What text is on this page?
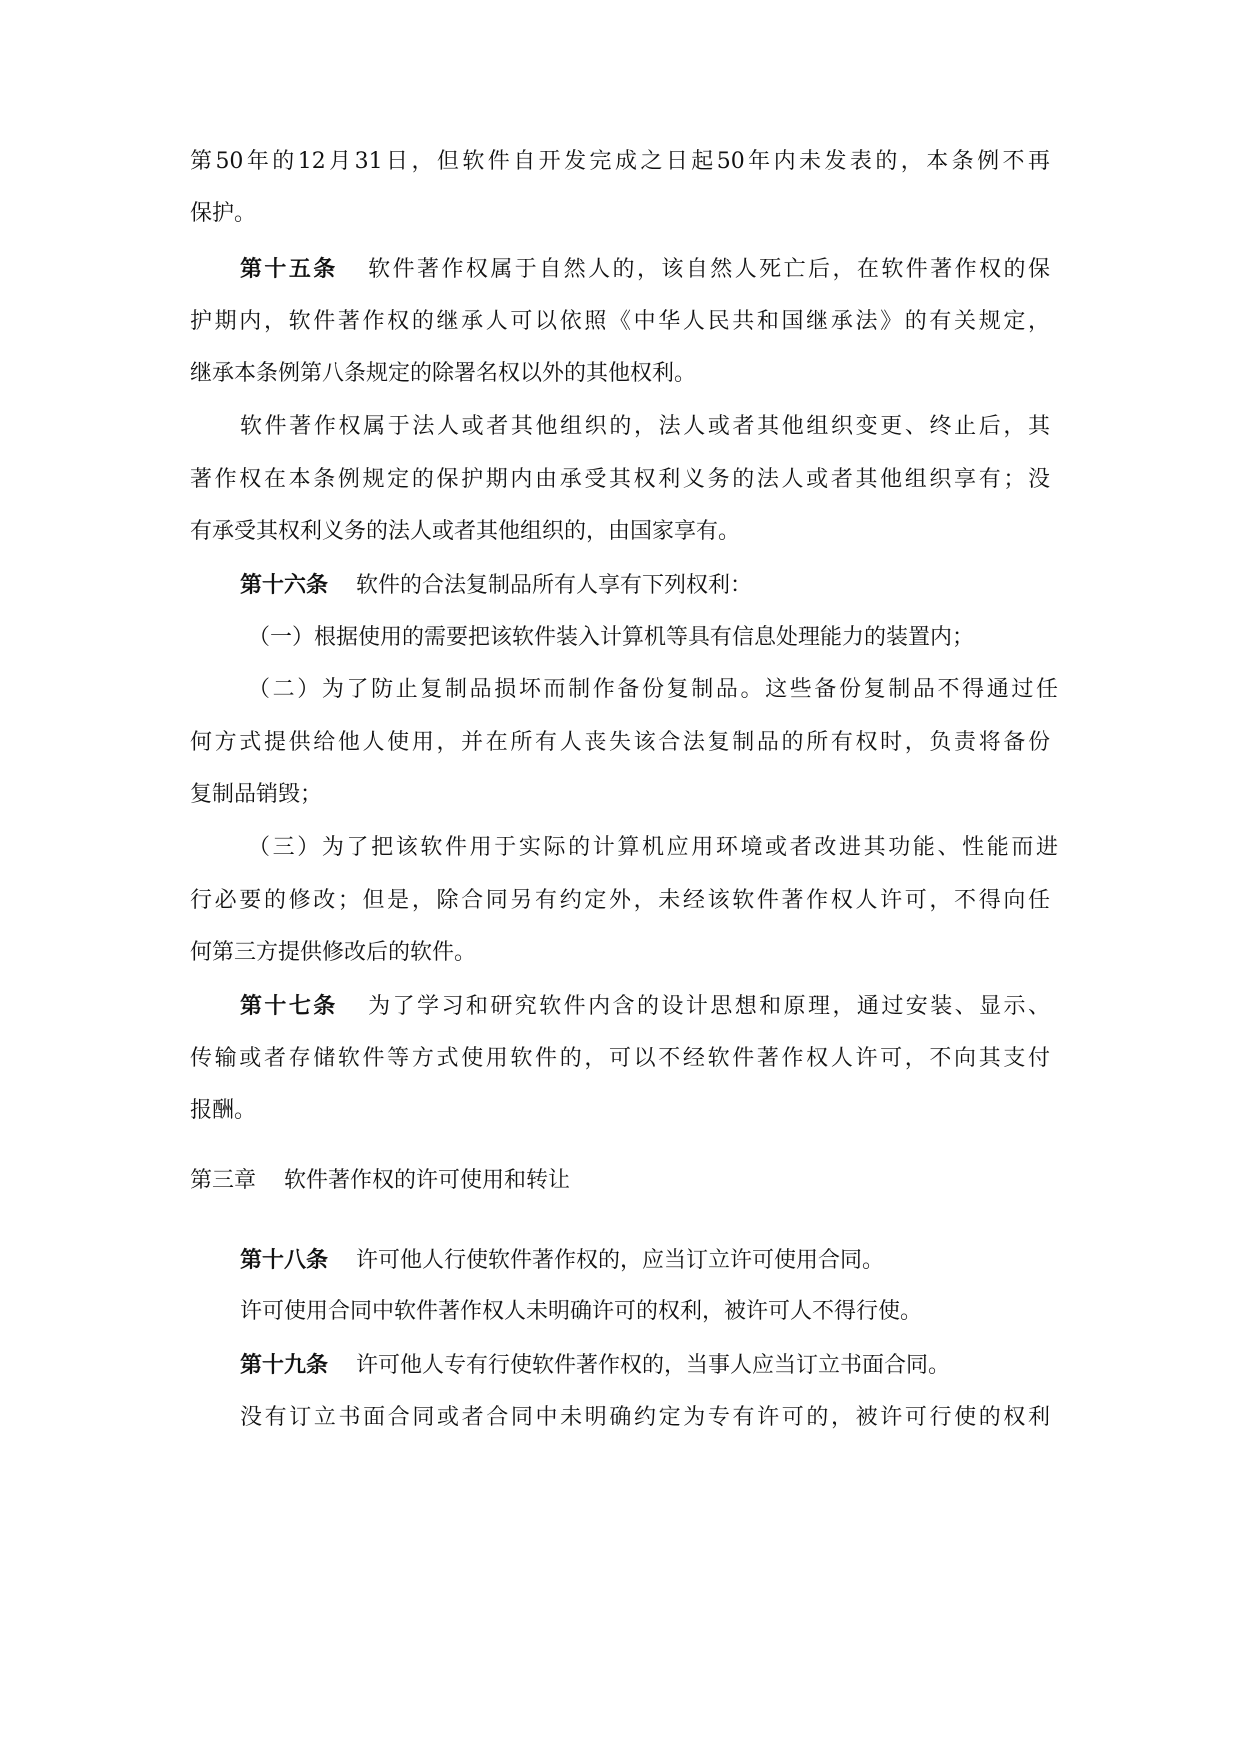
第50年的12月31日，但软件自开发完成之日起50年内未发表的，本条例不再
保护。
第十五条 软件著作权属于自然人的，该自然人死亡后，在软件著作权的保
护期内，软件著作权的继承人可以依照《中华人民共和国继承法》的有关规定，
继承本条例第八条规定的除署名权以外的其他权利。
软件著作权属于法人或者其他组织的，法人或者其他组织变更、终止后，其
著作权在本条例规定的保护期内由承受其权利义务的法人或者其他组织享有；没
有承受其权利义务的法人或者其他组织的，由国家享有。
第十六条 软件的合法复制品所有人享有下列权利：
（一）根据使用的需要把该软件装入计算机等具有信息处理能力的装置内；
（二）为了防止复制品损坏而制作备份复制品。这些备份复制品不得通过任
何方式提供给他人使用，并在所有人丧失该合法复制品的所有权时，负责将备份
复制品销毁；
（三）为了把该软件用于实际的计算机应用环境或者改进其功能、性能而进
行必要的修改；但是，除合同另有约定外，未经该软件著作权人许可，不得向任
何第三方提供修改后的软件。
第十七条 为了学习和研究软件内含的设计思想和原理，通过安装、显示、
传输或者存储软件等方式使用软件的，可以不经软件著作权人许可，不向其支付
报酬。
第三章 软件著作权的许可使用和转让
第十八条 许可他人行使软件著作权的，应当订立许可使用合同。
许可使用合同中软件著作权人未明确许可的权利，被许可人不得行使。
第十九条 许可他人专有行使软件著作权的，当事人应当订立书面合同。
没有订立书面合同或者合同中未明确约定为专有许可的，被许可行使的权利
